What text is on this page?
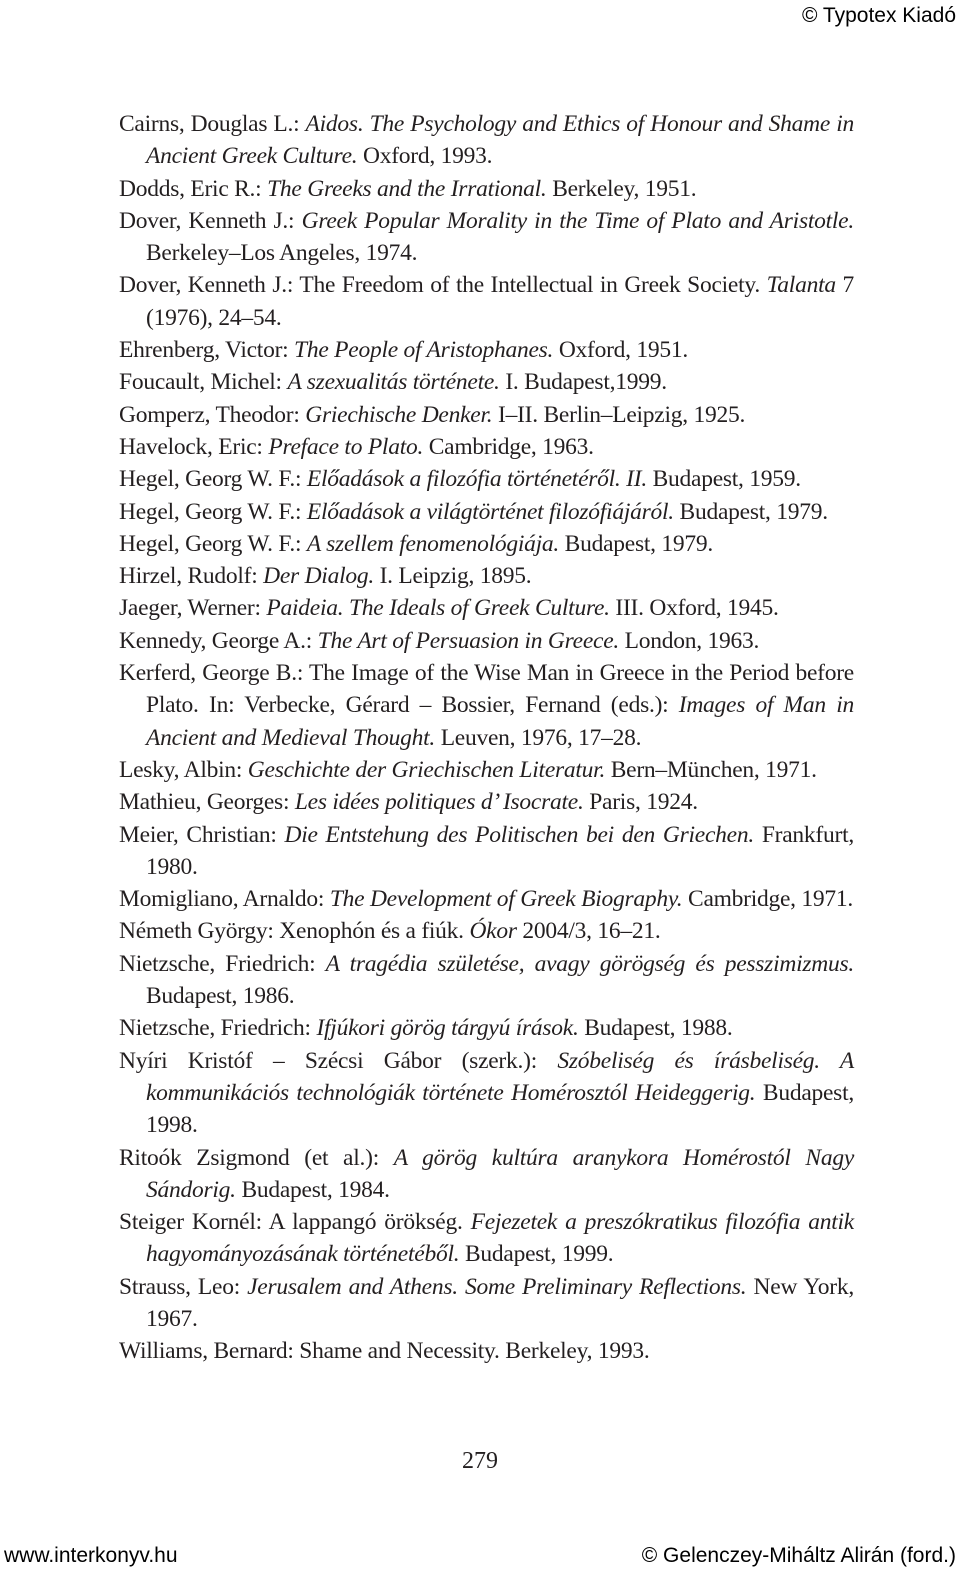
© Typotex Kiadó

Cairns, Douglas L.: Aidos. The Psychology and Ethics of Honour and Shame in Ancient Greek Culture. Oxford, 1993.

Dodds, Eric R.: The Greeks and the Irrational. Berkeley, 1951.

Dover, Kenneth J.: Greek Popular Morality in the Time of Plato and Aristotle. Berkeley–Los Angeles, 1974.

Dover, Kenneth J.: The Freedom of the Intellectual in Greek Society. Talanta 7 (1976), 24–54.

Ehrenberg, Victor: The People of Aristophanes. Oxford, 1951.

Foucault, Michel: A szexualitás története. I. Budapest,1999.

Gomperz, Theodor: Griechische Denker. I–II. Berlin–Leipzig, 1925.

Havelock, Eric: Preface to Plato. Cambridge, 1963.

Hegel, Georg W. F.: Előadások a filozófia történetéről. II. Budapest, 1959.

Hegel, Georg W. F.: Előadások a világtörténet filozófiájáról. Budapest, 1979.

Hegel, Georg W. F.: A szellem fenomenológiája. Budapest, 1979.

Hirzel, Rudolf: Der Dialog. I. Leipzig, 1895.

Jaeger, Werner: Paideia. The Ideals of Greek Culture. III. Oxford, 1945.

Kennedy, George A.: The Art of Persuasion in Greece. London, 1963.

Kerferd, George B.: The Image of the Wise Man in Greece in the Period before Plato. In: Verbecke, Gérard – Bossier, Fernand (eds.): Images of Man in Ancient and Medieval Thought. Leuven, 1976, 17–28.

Lesky, Albin: Geschichte der Griechischen Literatur. Bern–München, 1971.

Mathieu, Georges: Les idées politiques d’ Isocrate. Paris, 1924.

Meier, Christian: Die Entstehung des Politischen bei den Griechen. Frankfurt, 1980.

Momigliano, Arnaldo: The Development of Greek Biography. Cambridge, 1971.

Németh György: Xenophón és a fiúk. Ókor 2004/3, 16–21.

Nietzsche, Friedrich: A tragédia születése, avagy görögség és pesszimizmus. Budapest, 1986.

Nietzsche, Friedrich: Ifjúkori görög tárgyú írások. Budapest, 1988.

Nyíri Kristóf – Szécsi Gábor (szerk.): Szóbeliség és írásbeliség. A kommunikációs technológiák története Homérosztól Heideggerig. Budapest, 1998.

Ritoók Zsigmond (et al.): A görög kultúra aranykora Homérostól Nagy Sándorig. Budapest, 1984.

Steiger Kornél: A lappangó örökség. Fejezetek a preszókratikus filozófia antik hagyományozásának történetéből. Budapest, 1999.

Strauss, Leo: Jerusalem and Athens. Some Preliminary Reflections. New York, 1967.

Williams, Bernard: Shame and Necessity. Berkeley, 1993.

279
www.interkonyv.hu	© Gelenczey-Miháltz Alirán (ford.)
